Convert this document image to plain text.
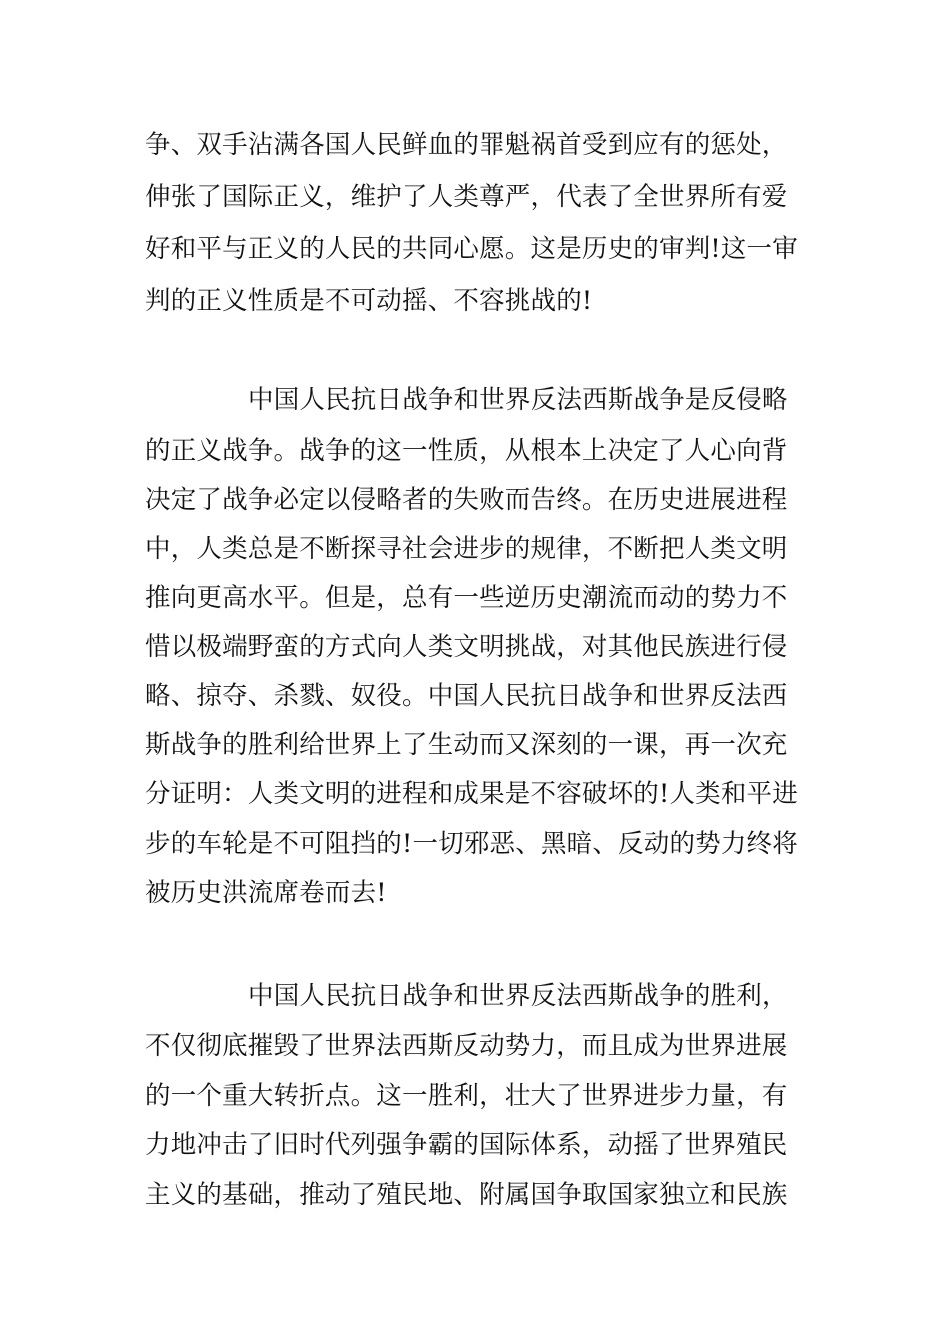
争、双手沾满各国人民鲜血的罪魁祸首受到应有的惩处，
伸张了国际正义，维护了人类尊严，代表了全世界所有爱
好和平与正义的人民的共同心愿。这是历史的审判!这一审
判的正义性质是不可动摇、不容挑战的!
中国人民抗日战争和世界反法西斯战争是反侵略
的正义战争。战争的这一性质，从根本上决定了人心向背
决定了战争必定以侵略者的失败而告终。在历史进展进程
中，人类总是不断探寻社会进步的规律，不断把人类文明
推向更高水平。但是，总有一些逆历史潮流而动的势力不
惜以极端野蛮的方式向人类文明挑战，对其他民族进行侵
略、掠夺、杀戮、奴役。中国人民抗日战争和世界反法西
斯战争的胜利给世界上了生动而又深刻的一课，再一次充
分证明：人类文明的进程和成果是不容破坏的!人类和平进
步的车轮是不可阻挡的!一切邪恶、黑暗、反动的势力终将
被历史洪流席卷而去!
中国人民抗日战争和世界反法西斯战争的胜利，
不仅彻底摧毁了世界法西斯反动势力，而且成为世界进展
的一个重大转折点。这一胜利，壮大了世界进步力量，有
力地冲击了旧时代列强争霸的国际体系，动摇了世界殖民
主义的基础，推动了殖民地、附属国争取国家独立和民族
